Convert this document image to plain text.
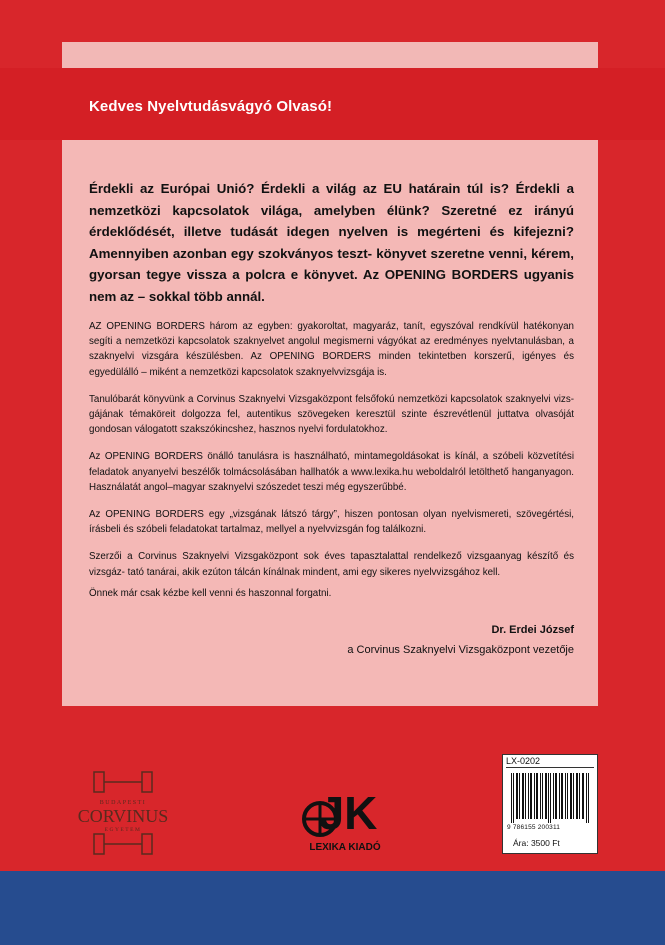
Kedves Nyelvtudásvágyó Olvasó!

Érdekli az Európai Unió? Érdekli a világ az EU határain túl is? Érdekli a nemzetközi kapcsolatok világa, amelyben élünk? Szeretné ez irányú érdeklődését, illetve tudását idegen nyelven is megérteni és kifejezni? Amennyiben azonban egy szokványos teszt- könyvet szeretne venni, kérem, gyorsan tegye vissza a polcra e könyvet. Az OPENING BORDERS ugyanis nem az – sokkal több annál.

AZ OPENING BORDERS három az egyben: gyakoroltat, magyaráz, tanít, egyszóval rendkívül hatékonyan segíti a nemzetközi kapcsolatok szaknyelvet angolul megismerni vágyókat az eredményes nyelvtanulásban, a szaknyelvi vizsgára készülésben. Az OPENING BORDERS minden tekintetben korszerű, igényes és egyedülálló – miként a nemzetközi kapcsolatok szaknyelvvizsgája is.

Tanulóbarát könyvünk a Corvinus Szaknyelvi Vizsgaközpont felsőfokú nemzetközi kapcsolatok szaknyelvi vizs- gájának témaköreit dolgozza fel, autentikus szövegeken keresztül szinte észrevétlenül juttatva olvasóját gondosan válogatott szakszókincshez, hasznos nyelvi fordulatokhoz.

Az OPENING BORDERS önálló tanulásra is használható, mintamegoldásokat is kínál, a szóbeli közvetítési feladatok anyanyelvi beszélők tolmácsolásában hallhatók a www.lexika.hu weboldalról letölthető hanganyagon. Használatát angol–magyar szaknyelvi szószedet teszi még egyszerűbbé.

Az OPENING BORDERS egy „vizsgának látszó tárgy”, hiszen pontosan olyan nyelvismereti, szövegértési, írásbeli és szóbeli feladatokat tartalmaz, mellyel a nyelvvizsgán fog találkozni.

Szerzői a Corvinus Szaknyelvi Vizsgaközpont sok éves tapasztalattal rendelkező vizsgaanyag készítő és vizsgáz- tató tanárai, akik ezúton tálcán kínálnak mindent, ami egy sikeres nyelvvizsgához kell.

Önnek már csak kézbe kell venni és haszonnal forgatni.

Dr. Erdei József
a Corvinus Szaknyelvi Vizsgaközpont vezetője
BUDAPESTI
CORVINUS
EGYETEM	JK
LEXIKA KIADÓ
LX-0202
9 786155 200311
Ára: 3500 Ft
